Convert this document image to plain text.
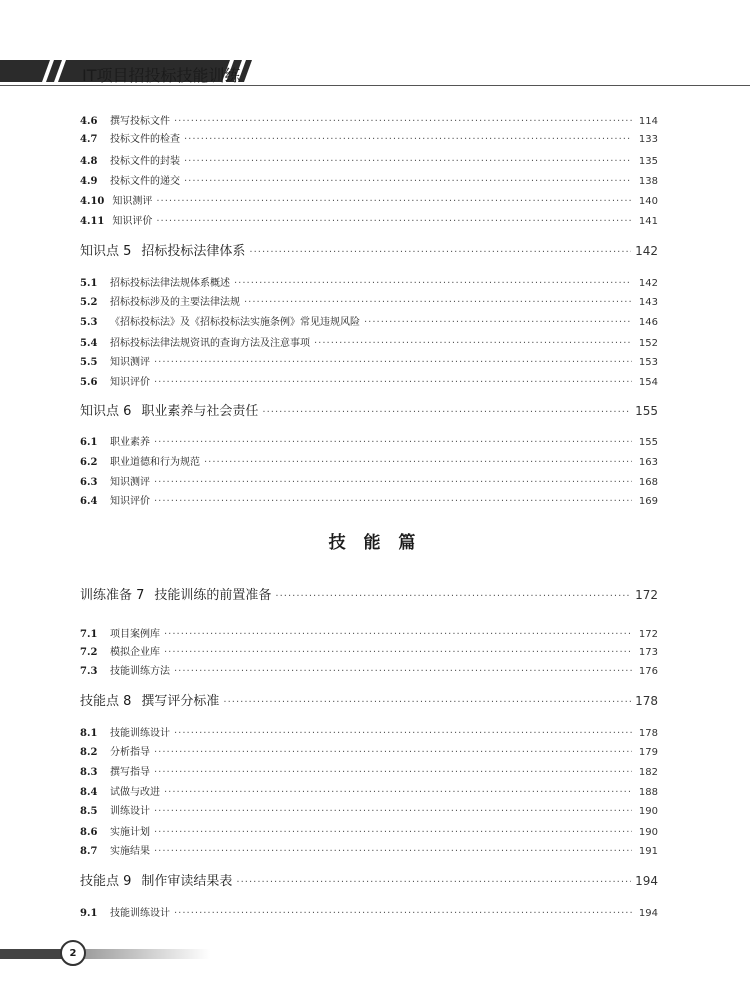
IT项目招投标技能训练
4.6	撰写投标文件 ·····	114
4.7	投标文件的检查 ·····	133
4.8	投标文件的封装 ·····	135
4.9	投标文件的递交 ·····	138
4.10 知识测评 ·····	140
4.11 知识评价 ·····	141
知识点 5 招标投标法律体系 ·····	142
5.1	招标投标法律法规体系概述 ·····	142
5.2	招标投标涉及的主要法律法规 ·····	143
5.3	《招标投标法》及《招标投标法实施条例》常见违规风险 ·····	146
5.4	招标投标法律法规资讯的查询方法及注意事项 ·····	152
5.5	知识测评 ·····	153
5.6	知识评价 ·····	154
知识点 6 职业素养与社会责任 ·····	155
6.1	职业素养 ·····	155
6.2	职业道德和行为规范 ·····	163
6.3	知识测评 ·····	168
6.4	知识评价 ·····	169
技 能 篇
训练准备 7 技能训练的前置准备 ·····	172
7.1	项目案例库 ·····	172
7.2	模拟企业库 ·····	173
7.3	技能训练方法 ·····	176
技能点 8 撰写评分标准 ·····	178
8.1	技能训练设计 ·····	178
8.2	分析指导 ·····	179
8.3	撰写指导 ·····	182
8.4	试做与改进 ·····	188
8.5	训练设计 ·····	190
8.6	实施计划 ·····	190
8.7	实施结果 ·····	191
技能点 9 制作审读结果表 ·····	194
9.1	技能训练设计 ·····	194
2
